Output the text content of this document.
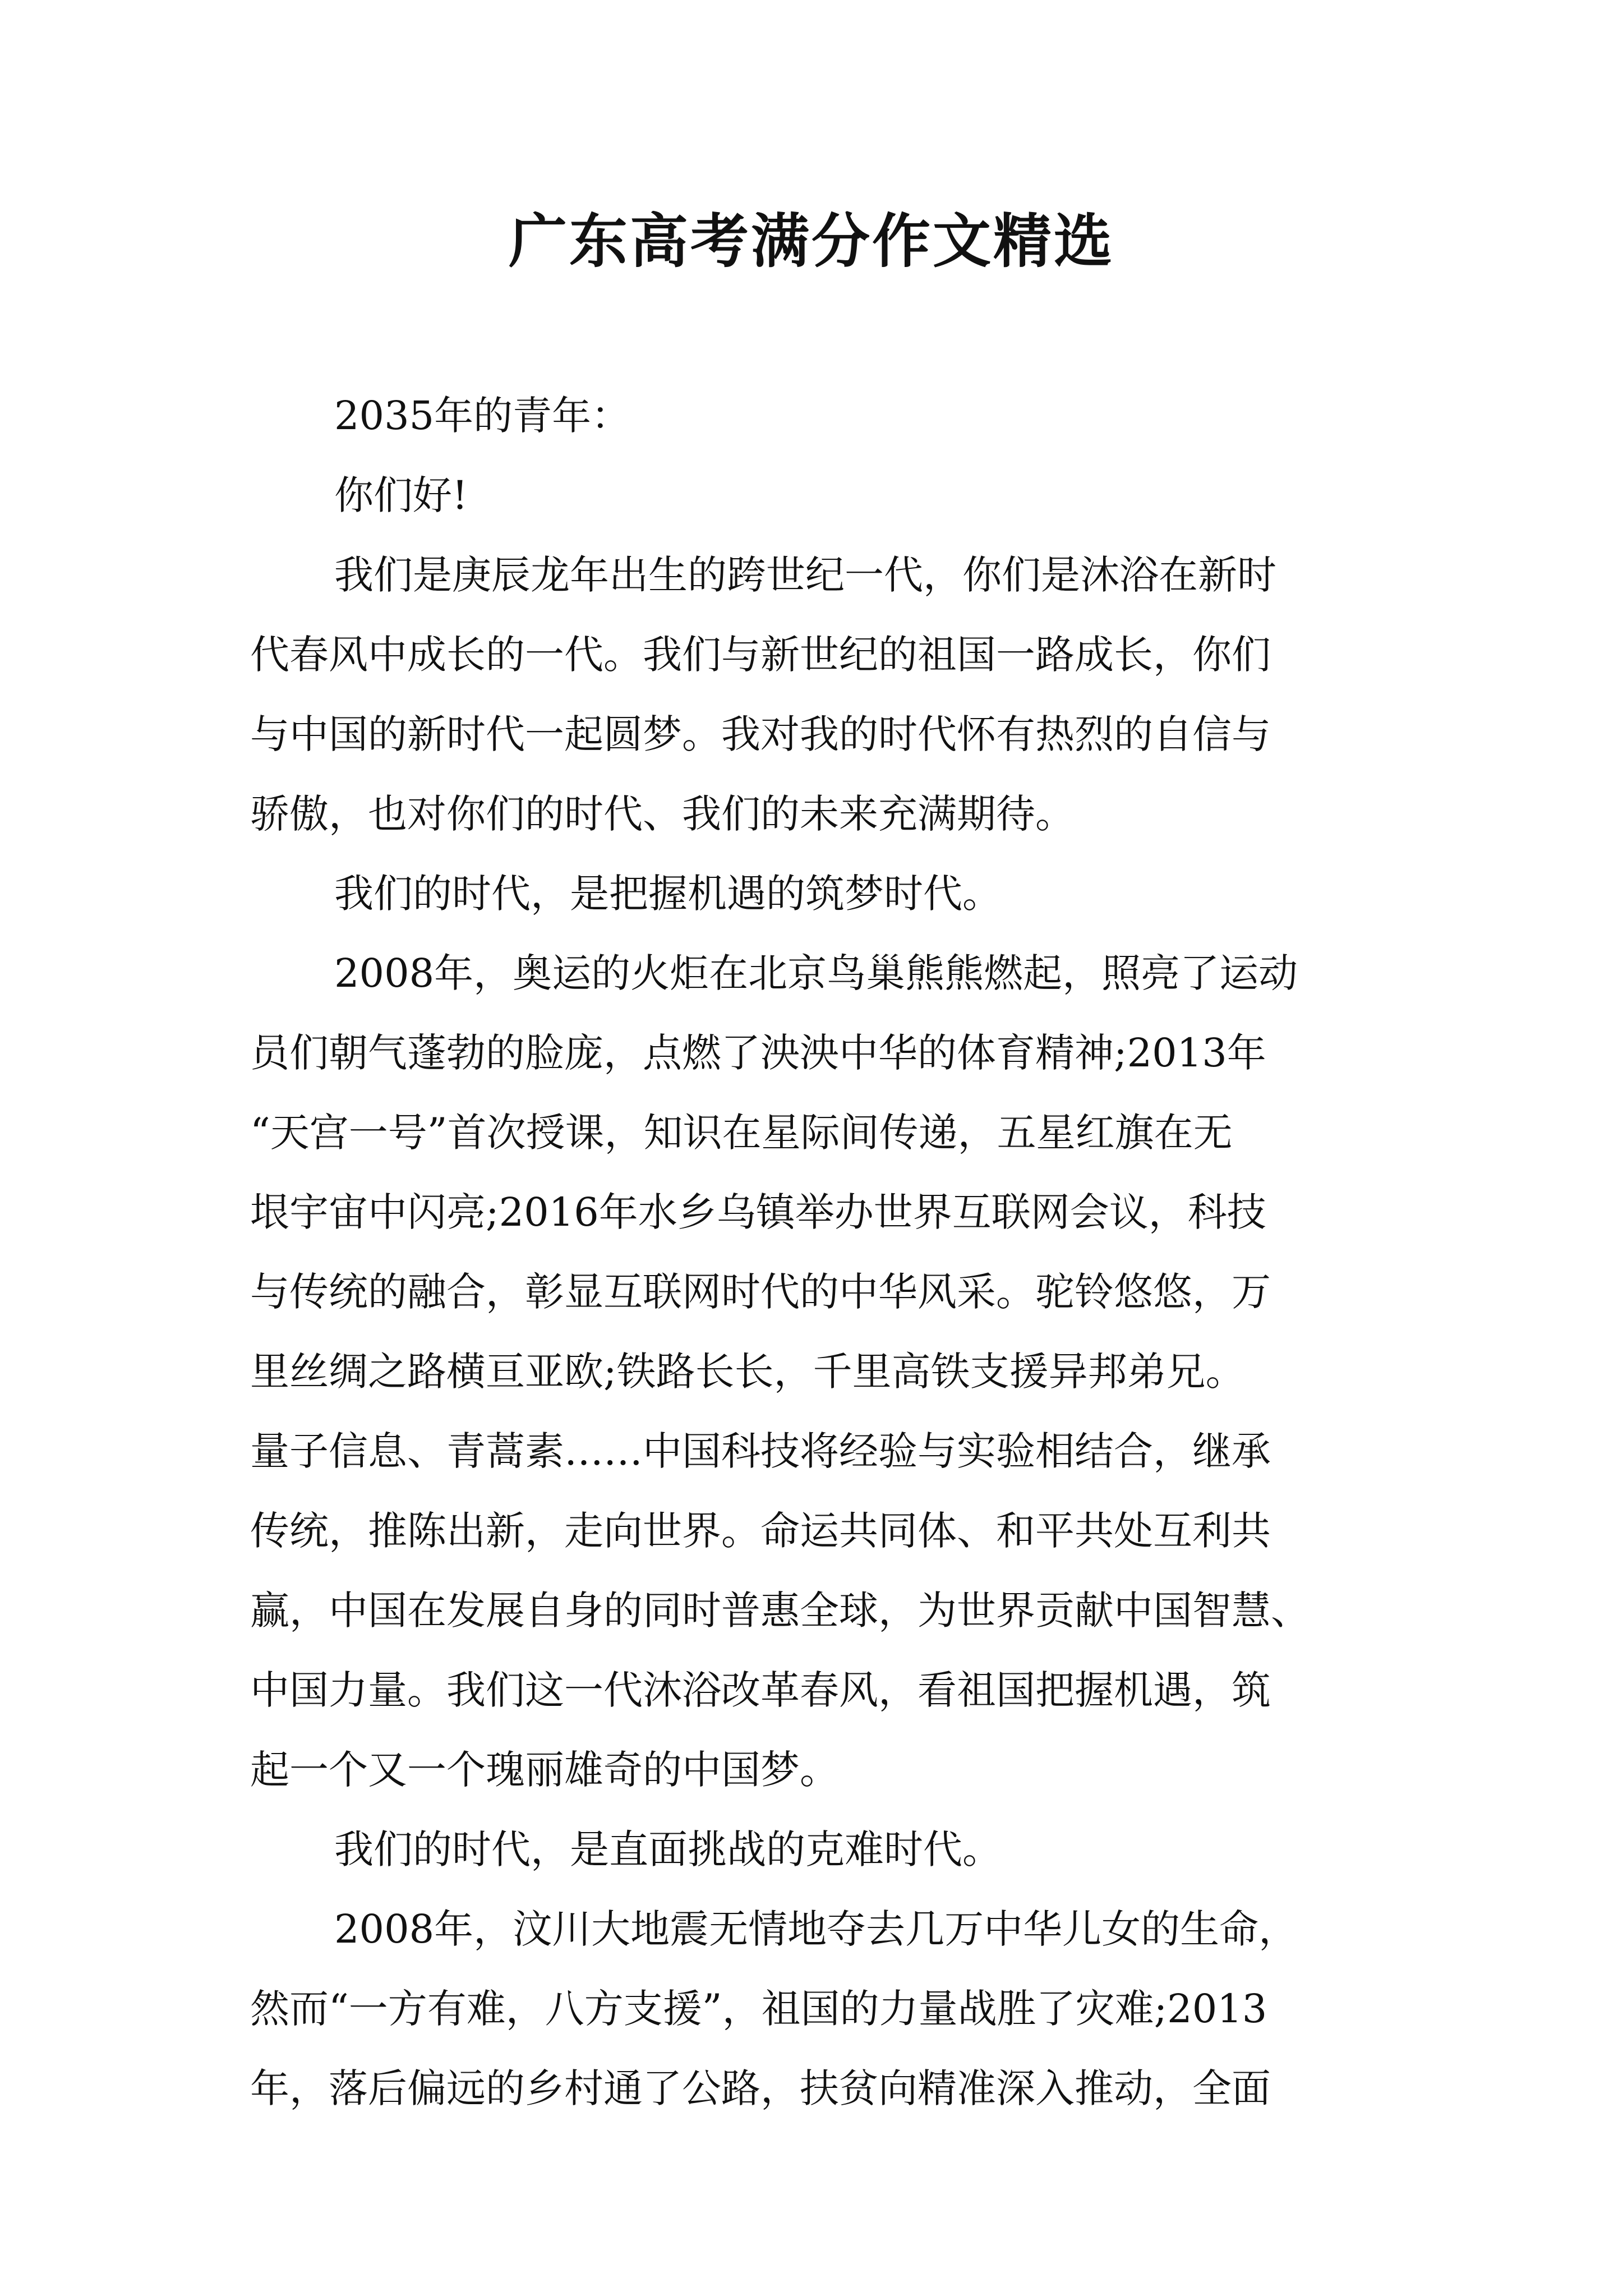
广东高考满分作文精选
2035年的青年：
你们好!
我们是庚辰龙年出生的跨世纪一代，你们是沐浴在新时
代春风中成长的一代。我们与新世纪的祖国一路成长，你们
与中国的新时代一起圆梦。我对我的时代怀有热烈的自信与
骄傲，也对你们的时代、我们的未来充满期待。
我们的时代，是把握机遇的筑梦时代。
2008年，奥运的火炬在北京鸟巢熊熊燃起，照亮了运动
员们朝气蓬勃的脸庞，点燃了泱泱中华的体育精神;2013年
“天宫一号”首次授课，知识在星际间传递，五星红旗在无
垠宇宙中闪亮;2016年水乡乌镇举办世界互联网会议，科技
与传统的融合，彰显互联网时代的中华风采。驼铃悠悠，万
里丝绸之路横亘亚欧;铁路长长，千里高铁支援异邦弟兄。
量子信息、青蒿素……中国科技将经验与实验相结合，继承
传统，推陈出新，走向世界。命运共同体、和平共处互利共
赢，中国在发展自身的同时普惠全球，为世界贡献中国智慧、
中国力量。我们这一代沐浴改革春风，看祖国把握机遇，筑
起一个又一个瑰丽雄奇的中国梦。
我们的时代，是直面挑战的克难时代。
2008年，汶川大地震无情地夺去几万中华儿女的生命，
然而“一方有难，八方支援”，祖国的力量战胜了灾难;2013
年，落后偏远的乡村通了公路，扶贫向精准深入推动，全面
